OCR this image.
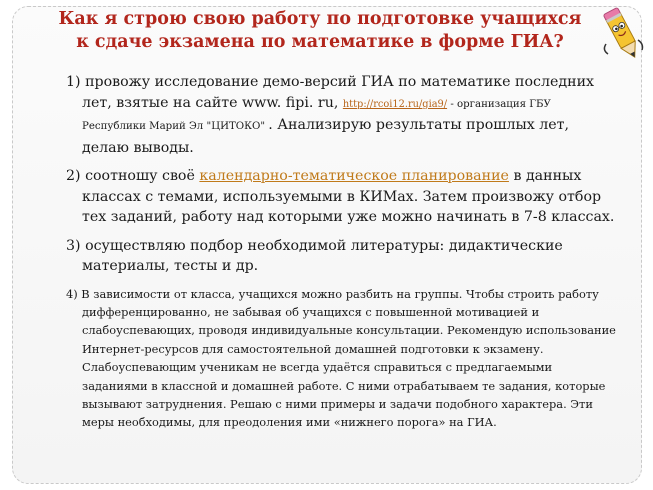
Как я строю свою работу по подготовке учащихся
к сдаче экзамена по математике в форме ГИА?
1) провожу исследование демо-версий ГИА по математике последних лет, взятые на сайте www. fipi. ru, http://rcoi12.ru/gia9/ - организация ГБУ Республики Марий Эл "ЦИТОКО" . Анализирую результаты прошлых лет, делаю выводы.
2) соотношу своё календарно-тематическое планирование в данных классах с темами, используемыми в КИМах. Затем произвожу отбор тех заданий, работу над которыми уже можно начинать в 7-8 классах.
3) осуществляю подбор необходимой литературы: дидактические материалы, тесты и др.
4) В зависимости от класса, учащихся можно разбить на группы. Чтобы строить работу дифференцированно, не забывая об учащихся с повышенной мотивацией и слабоуспевающих, проводя индивидуальные консультации. Рекомендую использование Интернет-ресурсов для самостоятельной домашней подготовки к экзамену. Слабоуспевающим ученикам не всегда удаётся справиться с предлагаемыми заданиями в классной и домашней работе. С ними отрабатываем те задания, которые вызывают затруднения. Решаю с ними примеры и задачи подобного характера. Эти меры необходимы, для преодоления ими «нижнего порога» на ГИА.
